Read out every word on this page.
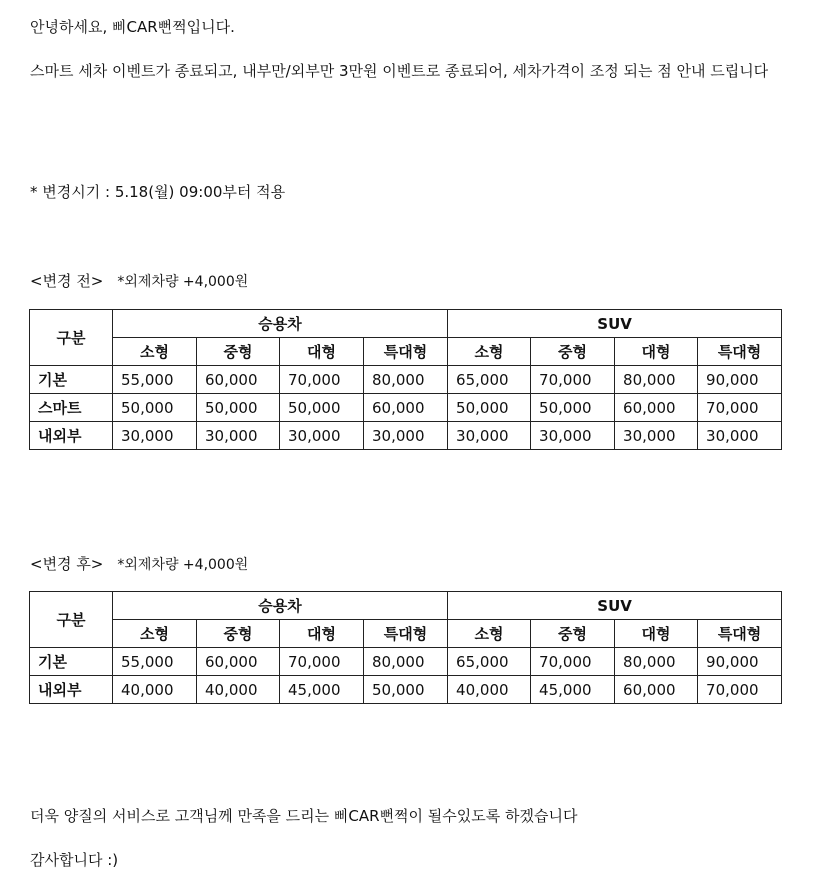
안녕하세요, 삐CAR뻔쩍입니다.

스마트 세차 이벤트가 종료되고, 내부만/외부만 3만원 이벤트로 종료되어, 세차가격이 조정 되는 점 안내 드립니다

* 변경시기 : 5.18(월) 09:00부터 적용

<변경 전> *외제차량 +4,000원

구분	승용차				SUV			
	소형	중형	대형	특대형	소형	중형	대형	특대형
기본	55,000	60,000	70,000	80,000	65,000	70,000	80,000	90,000
스마트	50,000	50,000	50,000	60,000	50,000	50,000	60,000	70,000
내외부	30,000	30,000	30,000	30,000	30,000	30,000	30,000	30,000

<변경 후> *외제차량 +4,000원

구분	승용차				SUV			
	소형	중형	대형	특대형	소형	중형	대형	특대형
기본	55,000	60,000	70,000	80,000	65,000	70,000	80,000	90,000
내외부	40,000	40,000	45,000	50,000	40,000	45,000	60,000	70,000

더욱 양질의 서비스로 고객님께 만족을 드리는 삐CAR뻔쩍이 될수있도록 하겠습니다

감사합니다 :)
